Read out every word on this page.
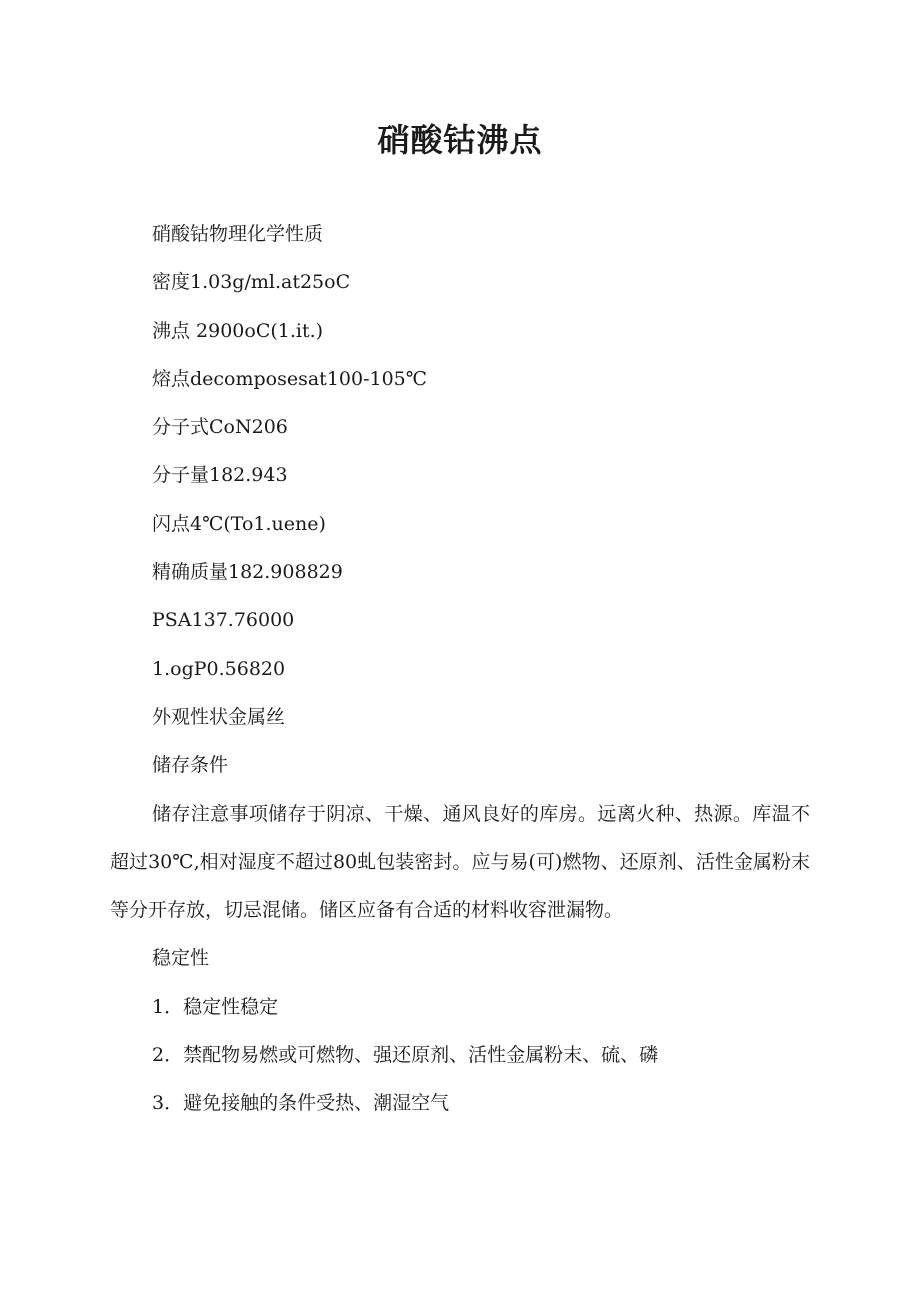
硝酸钴沸点

硝酸钴物理化学性质

密度1.03g/ml.at25oC

沸点 2900oC(1.it.)

熔点decomposesat100-105℃

分子式CoN206

分子量182.943

闪点4℃(To1.uene)

精确质量182.908829

PSA137.76000

1.ogP0.56820

外观性状金属丝

储存条件

储存注意事项储存于阴凉、干燥、通风良好的库房。远离火种、热源。库温不超过30℃,相对湿度不超过80虬包装密封。应与易(可)燃物、还原剂、活性金属粉末等分开存放，切忌混储。储区应备有合适的材料收容泄漏物。

稳定性

1．稳定性稳定

2．禁配物易燃或可燃物、强还原剂、活性金属粉末、硫、磷

3．避免接触的条件受热、潮湿空气
